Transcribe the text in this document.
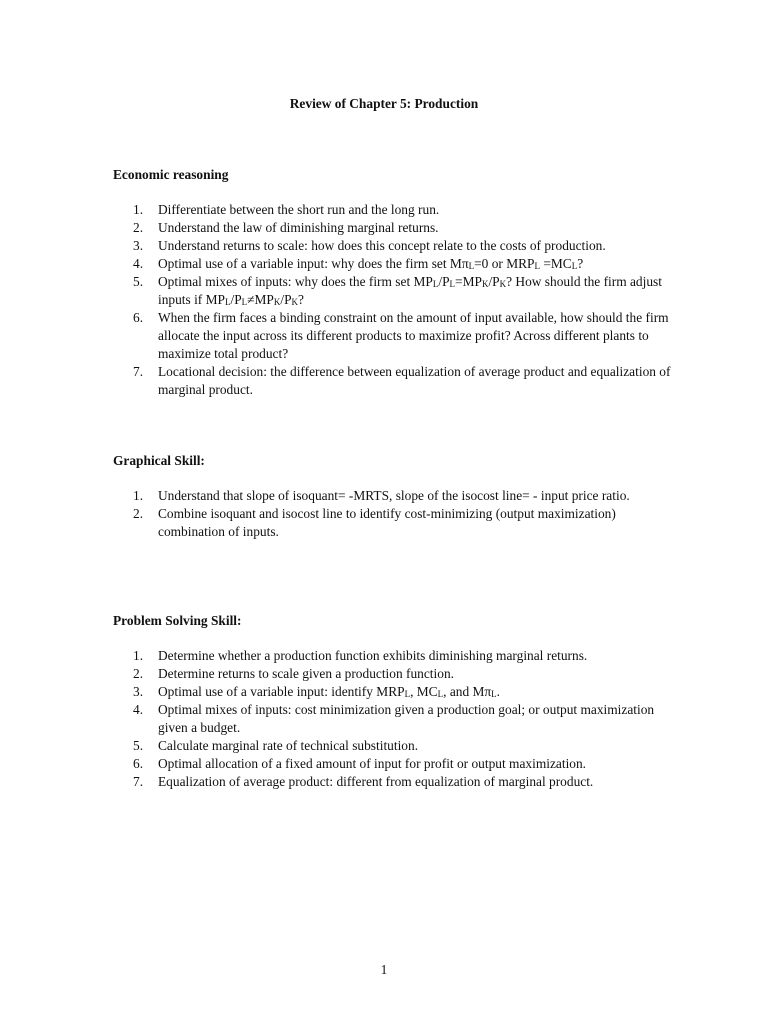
Review of Chapter 5: Production
Economic reasoning
1. Differentiate between the short run and the long run.
2. Understand the law of diminishing marginal returns.
3. Understand returns to scale: how does this concept relate to the costs of production.
4. Optimal use of a variable input: why does the firm set $M\pi_L=0$ or $MRP_L =MC_L$?
5. Optimal mixes of inputs: why does the firm set $MP_L/P_L=MP_K/P_K$? How should the firm adjust inputs if $MP_L/P_L\ne MP_K/P_K$?
6. When the firm faces a binding constraint on the amount of input available, how should the firm allocate the input across its different products to maximize profit? Across different plants to maximize total product?
7. Locational decision: the difference between equalization of average product and equalization of marginal product.
Graphical Skill:
1. Understand that slope of isoquant= -MRTS, slope of the isocost line= - input price ratio.
2. Combine isoquant and isocost line to identify cost-minimizing (output maximization) combination of inputs.
Problem Solving Skill:
1. Determine whether a production function exhibits diminishing marginal returns.
2. Determine returns to scale given a production function.
3. Optimal use of a variable input: identify $MRP_L$, $MC_L$, and $M\pi_L$.
4. Optimal mixes of inputs: cost minimization given a production goal; or output maximization given a budget.
5. Calculate marginal rate of technical substitution.
6. Optimal allocation of a fixed amount of input for profit or output maximization.
7. Equalization of average product: different from equalization of marginal product.
1
